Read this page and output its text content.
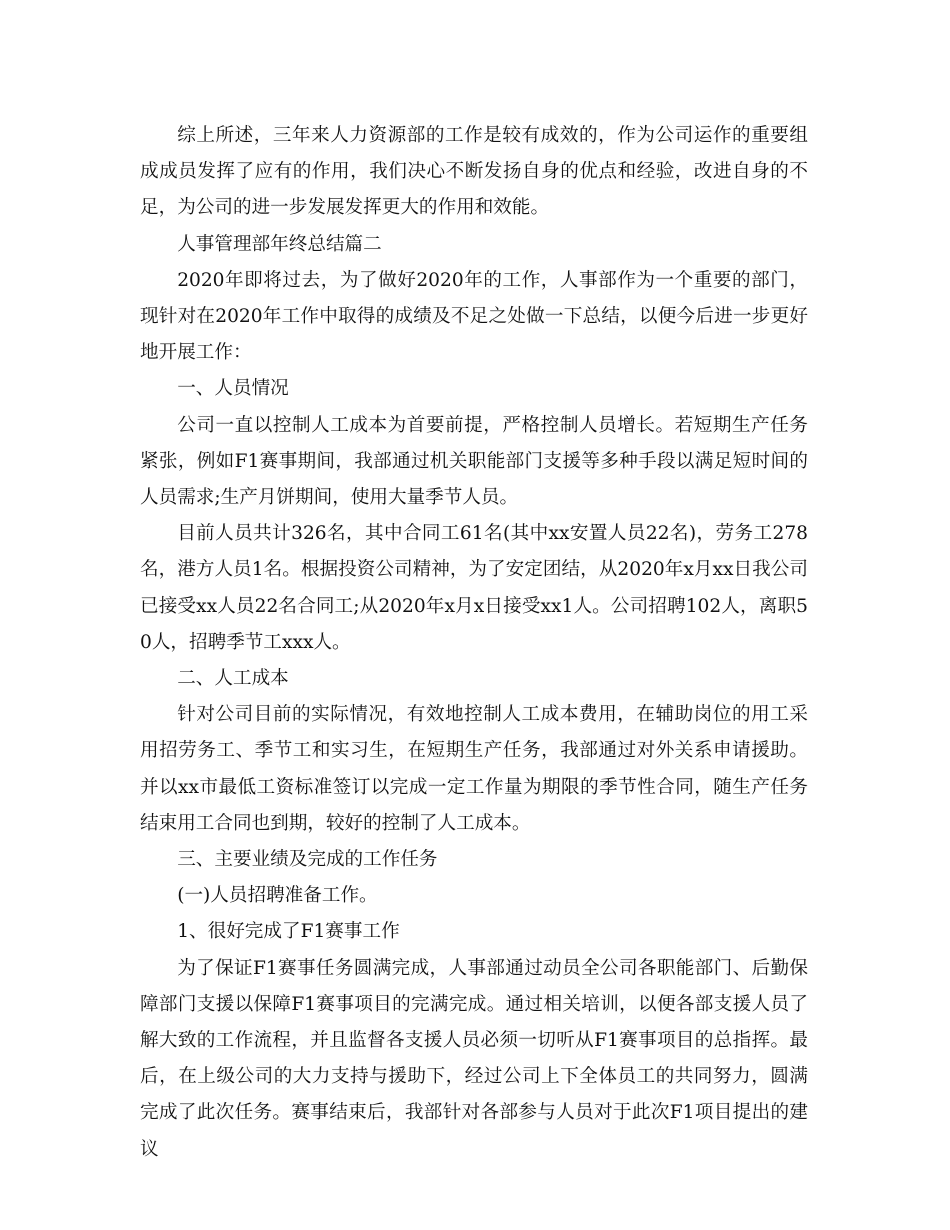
综上所述，三年来人力资源部的工作是较有成效的，作为公司运作的重要组成成员发挥了应有的作用，我们决心不断发扬自身的优点和经验，改进自身的不足，为公司的进一步发展发挥更大的作用和效能。

人事管理部年终总结篇二

2020年即将过去，为了做好2020年的工作，人事部作为一个重要的部门，现针对在2020年工作中取得的成绩及不足之处做一下总结，以便今后进一步更好地开展工作：

一、人员情况

公司一直以控制人工成本为首要前提，严格控制人员增长。若短期生产任务紧张，例如F1赛事期间，我部通过机关职能部门支援等多种手段以满足短时间的人员需求;生产月饼期间，使用大量季节人员。

目前人员共计326名，其中合同工61名(其中xx安置人员22名)，劳务工278名，港方人员1名。根据投资公司精神，为了安定团结，从2020年x月xx日我公司已接受xx人员22名合同工;从2020年x月x日接受xx1人。公司招聘102人，离职50人，招聘季节工xxx人。

二、人工成本

针对公司目前的实际情况，有效地控制人工成本费用，在辅助岗位的用工采用招劳务工、季节工和实习生，在短期生产任务，我部通过对外关系申请援助。并以xx市最低工资标准签订以完成一定工作量为期限的季节性合同，随生产任务结束用工合同也到期，较好的控制了人工成本。

三、主要业绩及完成的工作任务

(一)人员招聘准备工作。

1、很好完成了F1赛事工作

为了保证F1赛事任务圆满完成，人事部通过动员全公司各职能部门、后勤保障部门支援以保障F1赛事项目的完满完成。通过相关培训，以便各部支援人员了解大致的工作流程，并且监督各支援人员必须一切听从F1赛事项目的总指挥。最后，在上级公司的大力支持与援助下，经过公司上下全体员工的共同努力，圆满完成了此次任务。赛事结束后，我部针对各部参与人员对于此次F1项目提出的建议
